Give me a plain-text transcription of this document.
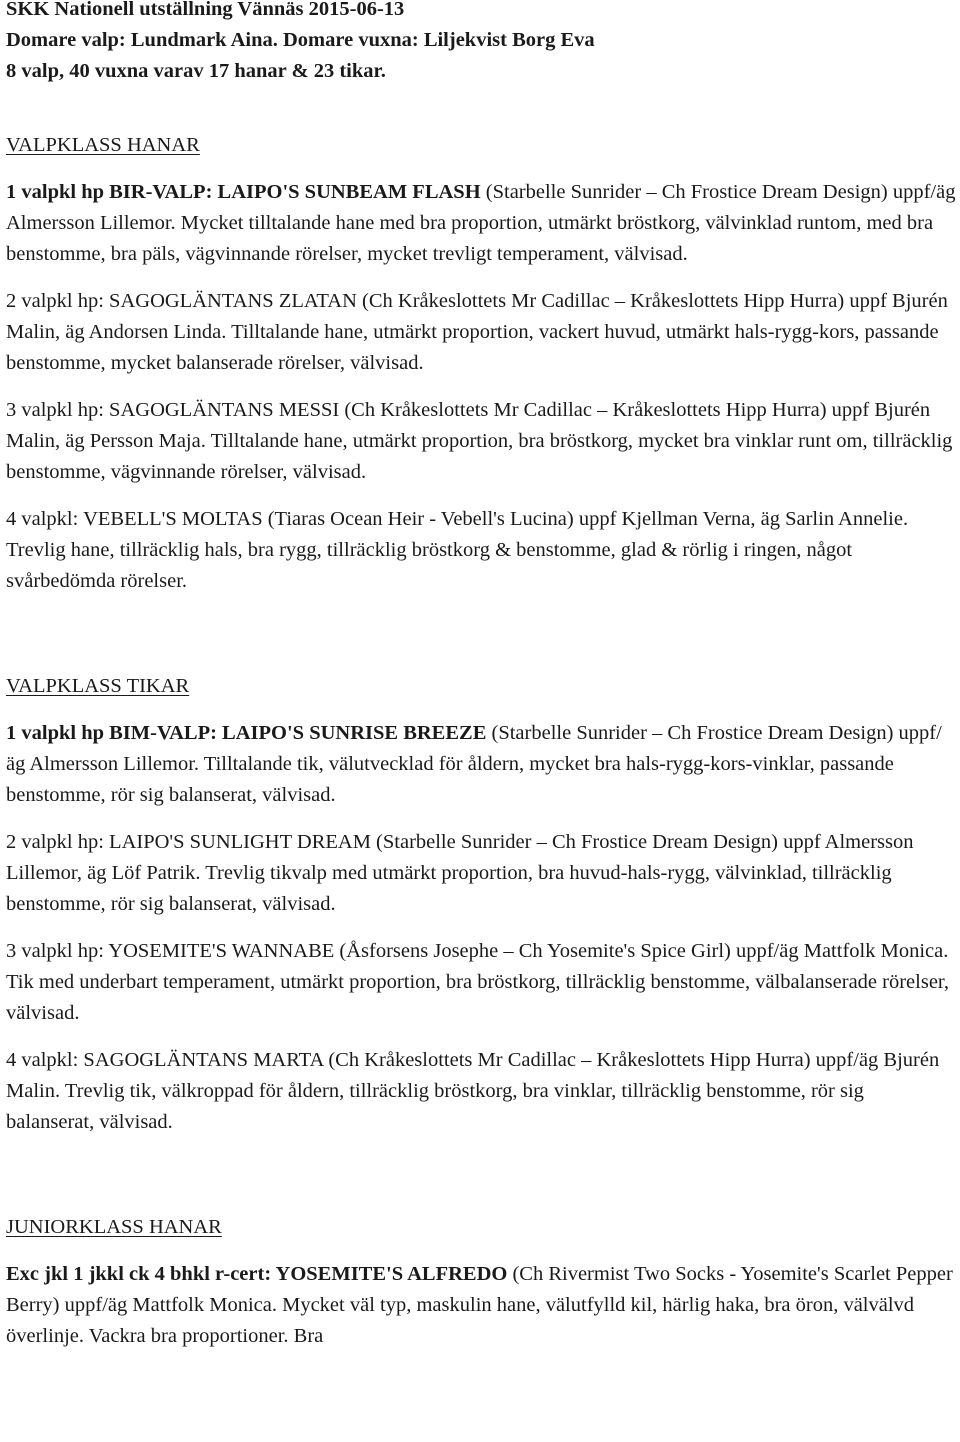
SKK Nationell utställning Vännäs 2015-06-13

Domare valp: Lundmark Aina. Domare vuxna: Liljekvist Borg Eva

8 valp, 40 vuxna varav 17 hanar & 23 tikar.

VALPKLASS HANAR

1 valpkl hp BIR-VALP: LAIPO'S SUNBEAM FLASH (Starbelle Sunrider – Ch Frostice Dream Design) uppf/äg Almersson Lillemor. Mycket tilltalande hane med bra proportion, utmärkt bröstkorg, välvinklad runtom, med bra benstomme, bra päls, vägvinnande rörelser, mycket trevligt temperament, välvisad.

2 valpkl hp: SAGOGLÄNTANS ZLATAN (Ch Kråkeslottets Mr Cadillac – Kråkeslottets Hipp Hurra) uppf Bjurén Malin, äg Andorsen Linda. Tilltalande hane, utmärkt proportion, vackert huvud, utmärkt hals-rygg-kors, passande benstomme, mycket balanserade rörelser, välvisad.

3 valpkl hp: SAGOGLÄNTANS MESSI (Ch Kråkeslottets Mr Cadillac – Kråkeslottets Hipp Hurra) uppf Bjurén Malin, äg Persson Maja. Tilltalande hane, utmärkt proportion, bra bröstkorg, mycket bra vinklar runt om, tillräcklig benstomme, vägvinnande rörelser, välvisad.

4 valpkl: VEBELL'S MOLTAS (Tiaras Ocean Heir - Vebell's Lucina) uppf Kjellman Verna, äg Sarlin Annelie. Trevlig hane, tillräcklig hals, bra rygg, tillräcklig bröstkorg & benstomme, glad & rörlig i ringen, något svårbedömda rörelser.

VALPKLASS TIKAR

1 valpkl hp BIM-VALP: LAIPO'S SUNRISE BREEZE (Starbelle Sunrider – Ch Frostice Dream Design) uppf/äg Almersson Lillemor. Tilltalande tik, välutvecklad för åldern, mycket bra hals-rygg-kors-vinklar, passande benstomme, rör sig balanserat, välvisad.

2 valpkl hp: LAIPO'S SUNLIGHT DREAM (Starbelle Sunrider – Ch Frostice Dream Design) uppf Almersson Lillemor, äg Löf Patrik. Trevlig tikvalp med utmärkt proportion, bra huvud-hals-rygg, välvinklad, tillräcklig benstomme, rör sig balanserat, välvisad.

3 valpkl hp: YOSEMITE'S WANNABE (Åsforsens Josephe – Ch Yosemite's Spice Girl) uppf/äg Mattfolk Monica. Tik med underbart temperament, utmärkt proportion, bra bröstkorg, tillräcklig benstomme, välbalanserade rörelser, välvisad.

4 valpkl: SAGOGLÄNTANS MARTA (Ch Kråkeslottets Mr Cadillac – Kråkeslottets Hipp Hurra) uppf/äg Bjurén Malin. Trevlig tik, välkroppad för åldern, tillräcklig bröstkorg, bra vinklar, tillräcklig benstomme, rör sig balanserat, välvisad.

JUNIORKLASS HANAR

Exc jkl 1 jkkl ck 4 bhkl r-cert: YOSEMITE'S ALFREDO (Ch Rivermist Two Socks - Yosemite's Scarlet Pepper Berry) uppf/äg Mattfolk Monica. Mycket väl typ, maskulin hane, välutfylld kil, härlig haka, bra öron, välvälvd överlinje. Vackra bra proportioner. Bra
